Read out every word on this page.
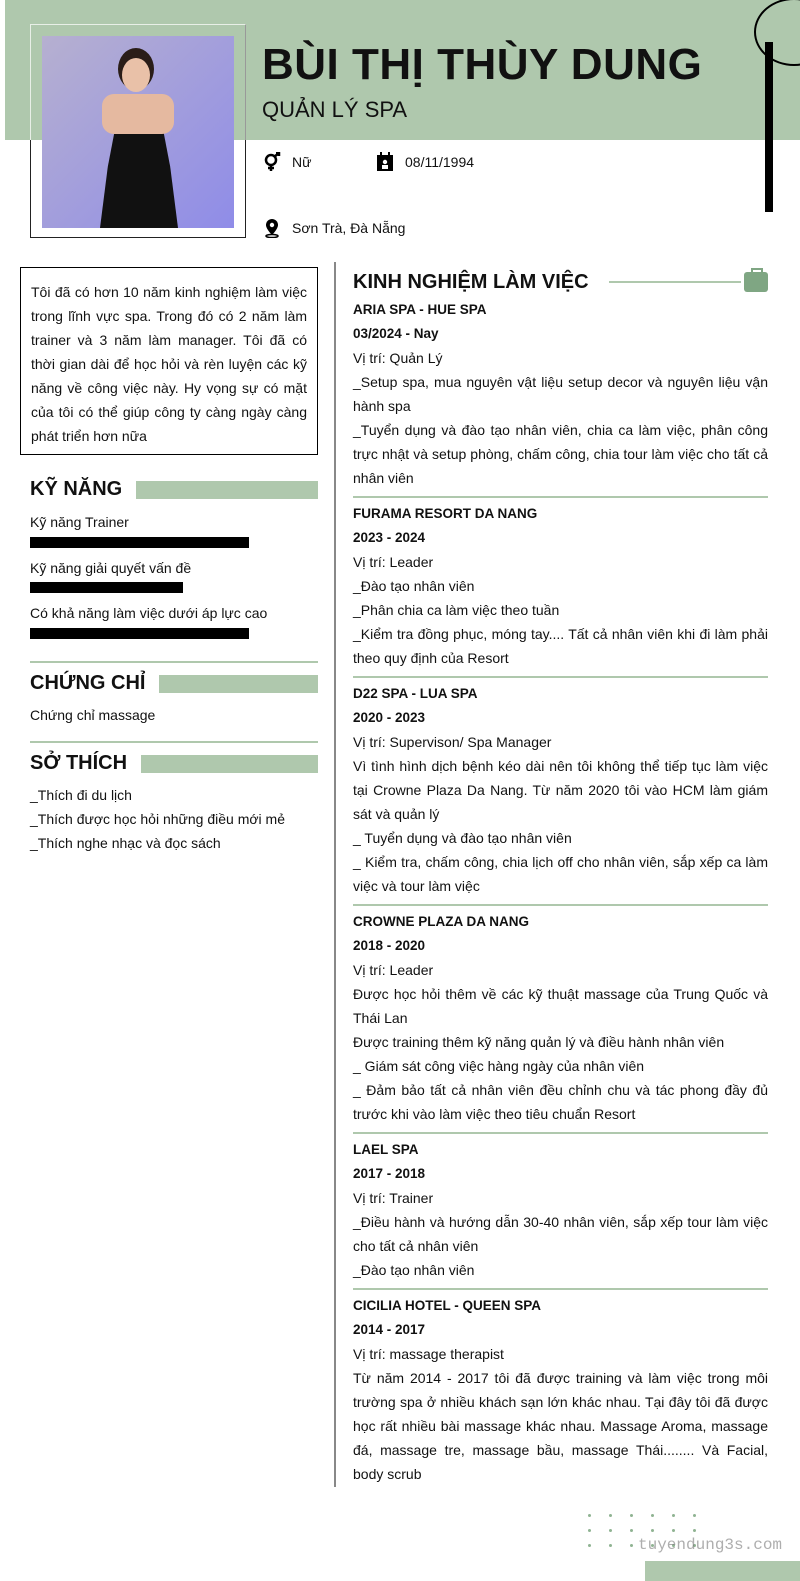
BÙI THỊ THÙY DUNG
QUẢN LÝ SPA
Nữ	08/11/1994
Sơn Trà, Đà Nẵng
Tôi đã có hơn 10 năm kinh nghiệm làm việc trong lĩnh vực spa. Trong đó có 2 năm làm trainer và 3 năm làm manager. Tôi đã có thời gian dài để học hỏi và rèn luyện các kỹ năng về công việc này. Hy vọng sự có mặt của tôi có thể giúp công ty càng ngày càng phát triển hơn nữa
KỸ NĂNG
Kỹ năng Trainer
Kỹ năng giải quyết vấn đề
Có khả năng làm việc dưới áp lực cao
CHỨNG CHỈ
Chứng chỉ massage
SỞ THÍCH
_Thích đi du lịch
_Thích được học hỏi những điều mới mẻ
_Thích nghe nhạc và đọc sách
KINH NGHIỆM LÀM VIỆC
ARIA SPA - HUE SPA
03/2024 - Nay
Vị trí: Quản Lý
_Setup spa, mua nguyên vật liệu setup decor và nguyên liệu vận hành spa
_Tuyển dụng và đào tạo nhân viên, chia ca làm việc, phân công trực nhật và setup phòng, chấm công, chia tour làm việc cho tất cả nhân viên
FURAMA RESORT DA NANG
2023 - 2024
Vị trí: Leader
_Đào tạo nhân viên
_Phân chia ca làm việc theo tuần
_Kiểm tra đồng phục, móng tay.... Tất cả nhân viên khi đi làm phải theo quy định của Resort
D22 SPA - LUA SPA
2020 - 2023
Vị trí: Supervison/ Spa Manager
Vì tình hình dịch bệnh kéo dài nên tôi không thể tiếp tục làm việc tại Crowne Plaza Da Nang. Từ năm 2020 tôi vào HCM làm giám sát và quản lý
_ Tuyển dụng và đào tạo nhân viên
_ Kiểm tra, chấm công, chia lịch off cho nhân viên, sắp xếp ca làm việc và tour làm việc
CROWNE PLAZA DA NANG
2018 - 2020
Vị trí: Leader
Được học hỏi thêm về các kỹ thuật massage của Trung Quốc và Thái Lan
Được training thêm kỹ năng quản lý và điều hành nhân viên
_ Giám sát công việc hàng ngày của nhân viên
_ Đảm bảo tất cả nhân viên đều chỉnh chu và tác phong đầy đủ trước khi vào làm việc theo tiêu chuẩn Resort
LAEL SPA
2017 - 2018
Vị trí: Trainer
_Điều hành và hướng dẫn 30-40 nhân viên, sắp xếp tour làm việc cho tất cả nhân viên
_Đào tạo nhân viên
CICILIA HOTEL - QUEEN SPA
2014 - 2017
Vị trí: massage therapist
Từ năm 2014 - 2017 tôi đã được training và làm việc trong môi trường spa ở nhiều khách sạn lớn khác nhau. Tại đây tôi đã được học rất nhiều bài massage khác nhau. Massage Aroma, massage đá, massage tre, massage bầu, massage Thái........ Và Facial, body scrub
tuyendung3s.com
